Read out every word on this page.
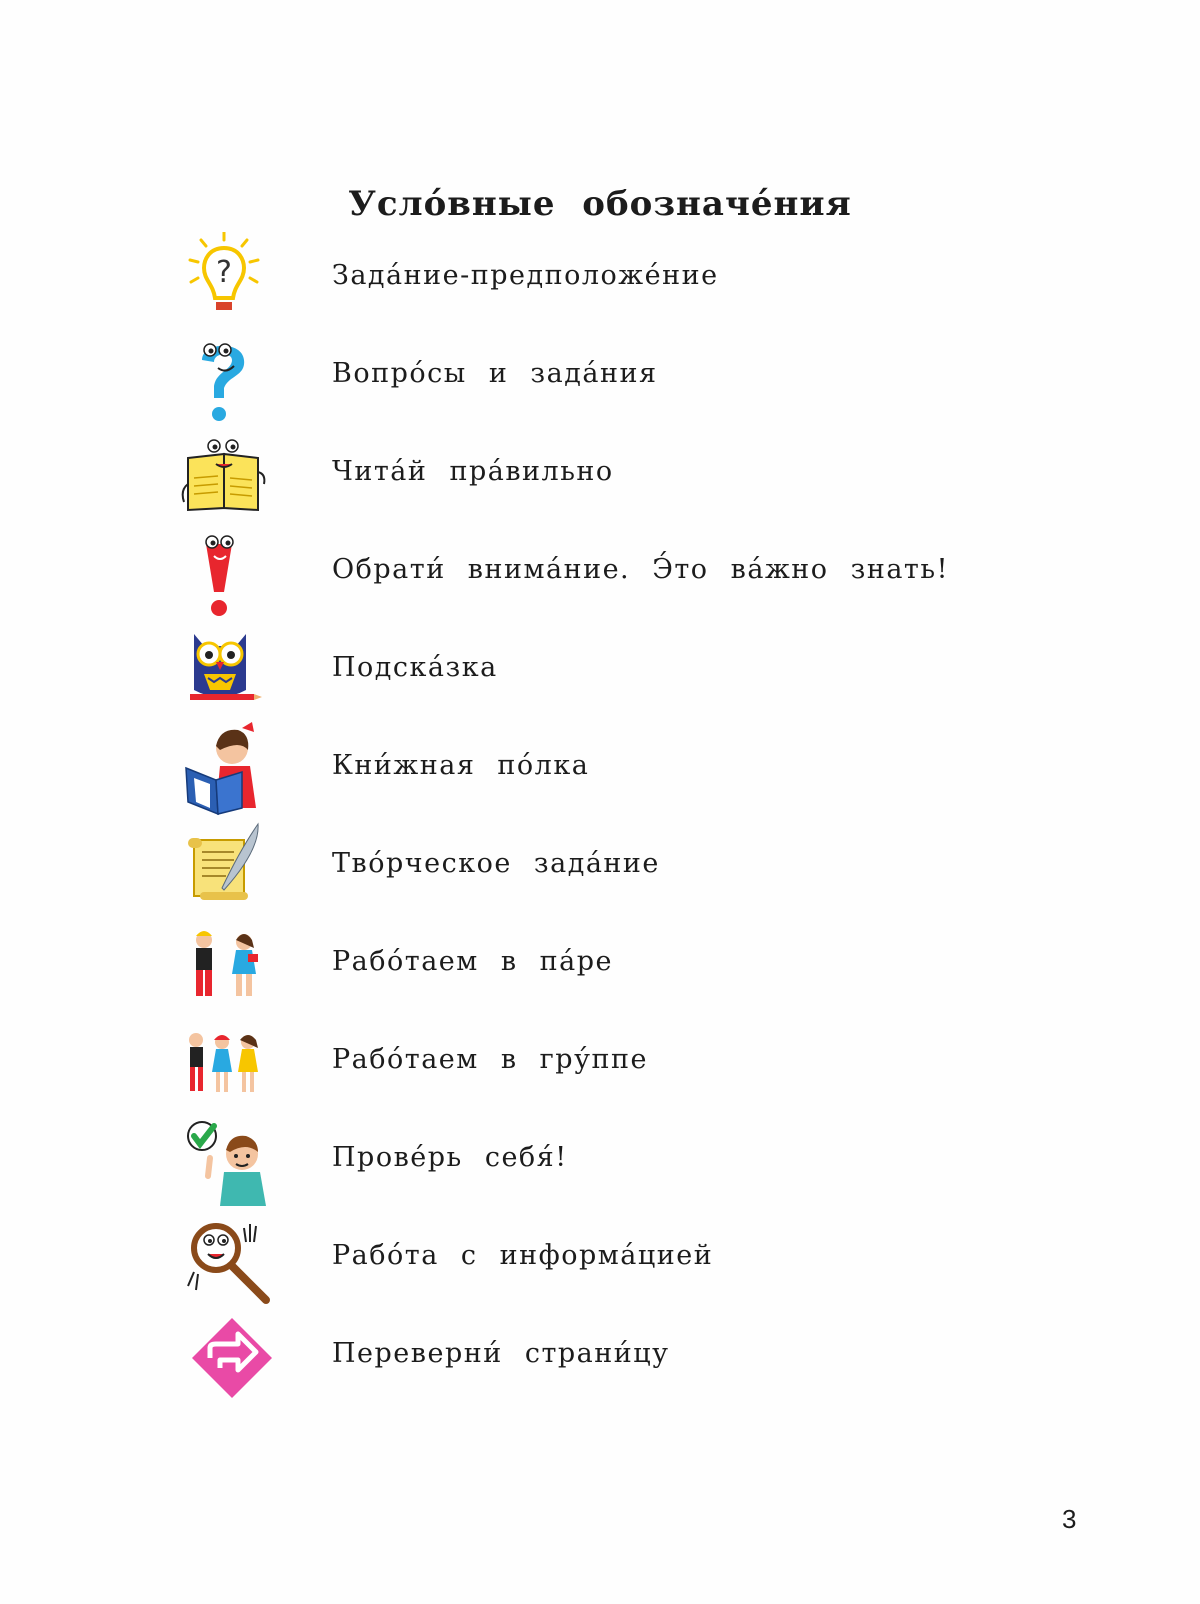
Усло́вные обозначе́ния
?	Зада́ние-предположе́ние
Вопро́сы и зада́ния
Чита́й пра́вильно
Обрати́ внима́ние. Э́то ва́жно знать!
Подска́зка
Кни́жная по́лка
Тво́рческое зада́ние
Рабо́таем в па́ре
Рабо́таем в гру́ппе
Прове́рь себя́!
Рабо́та с информа́цией
Переверни́ страни́цу
3
